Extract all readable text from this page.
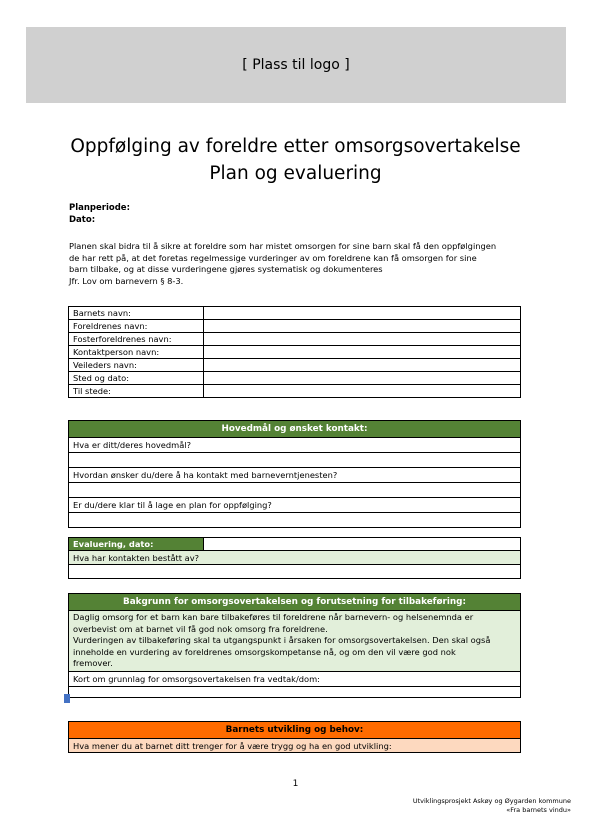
[ Plass til logo ]
Oppfølging av foreldre etter omsorgsovertakelse
Plan og evaluering
Planperiode:
Dato:
Planen skal bidra til å sikre at foreldre som har mistet omsorgen for sine barn skal få den oppfølgingen
de har rett på, at det foretas regelmessige vurderinger av om foreldrene kan få omsorgen for sine
barn tilbake, og at disse vurderingene gjøres systematisk og dokumenteres
Jfr. Lov om barnevern § 8-3.
Barnets navn:	
Foreldrenes navn:	
Fosterforeldrenes navn:	
Kontaktperson navn:	
Veileders navn:	
Sted og dato:	
Til stede:	
Hovedmål og ønsket kontakt:
Hva er ditt/deres hovedmål?

Hvordan ønsker du/dere å ha kontakt med barneverntjenesten?

Er du/dere klar til å lage en plan for oppfølging?

Evaluering, dato:	
Hva har kontakten bestått av?

Bakgrunn for omsorgsovertakelsen og forutsetning for tilbakeføring:

Daglig omsorg for et barn kan bare tilbakeføres til foreldrene når barnevern- og helsenemnda er
overbevist om at barnet vil få god nok omsorg fra foreldrene.
Vurderingen av tilbakeføring skal ta utgangspunkt i årsaken for omsorgsovertakelsen. Den skal også
inneholde en vurdering av foreldrenes omsorgskompetanse nå, og om den vil være god nok
fremover.

Kort om grunnlag for omsorgsovertakelsen fra vedtak/dom:

Barnets utvikling og behov:
Hva mener du at barnet ditt trenger for å være trygg og ha en god utvikling:
1
Utviklingsprosjekt Askøy og Øygarden kommune
«Fra barnets vindu»
